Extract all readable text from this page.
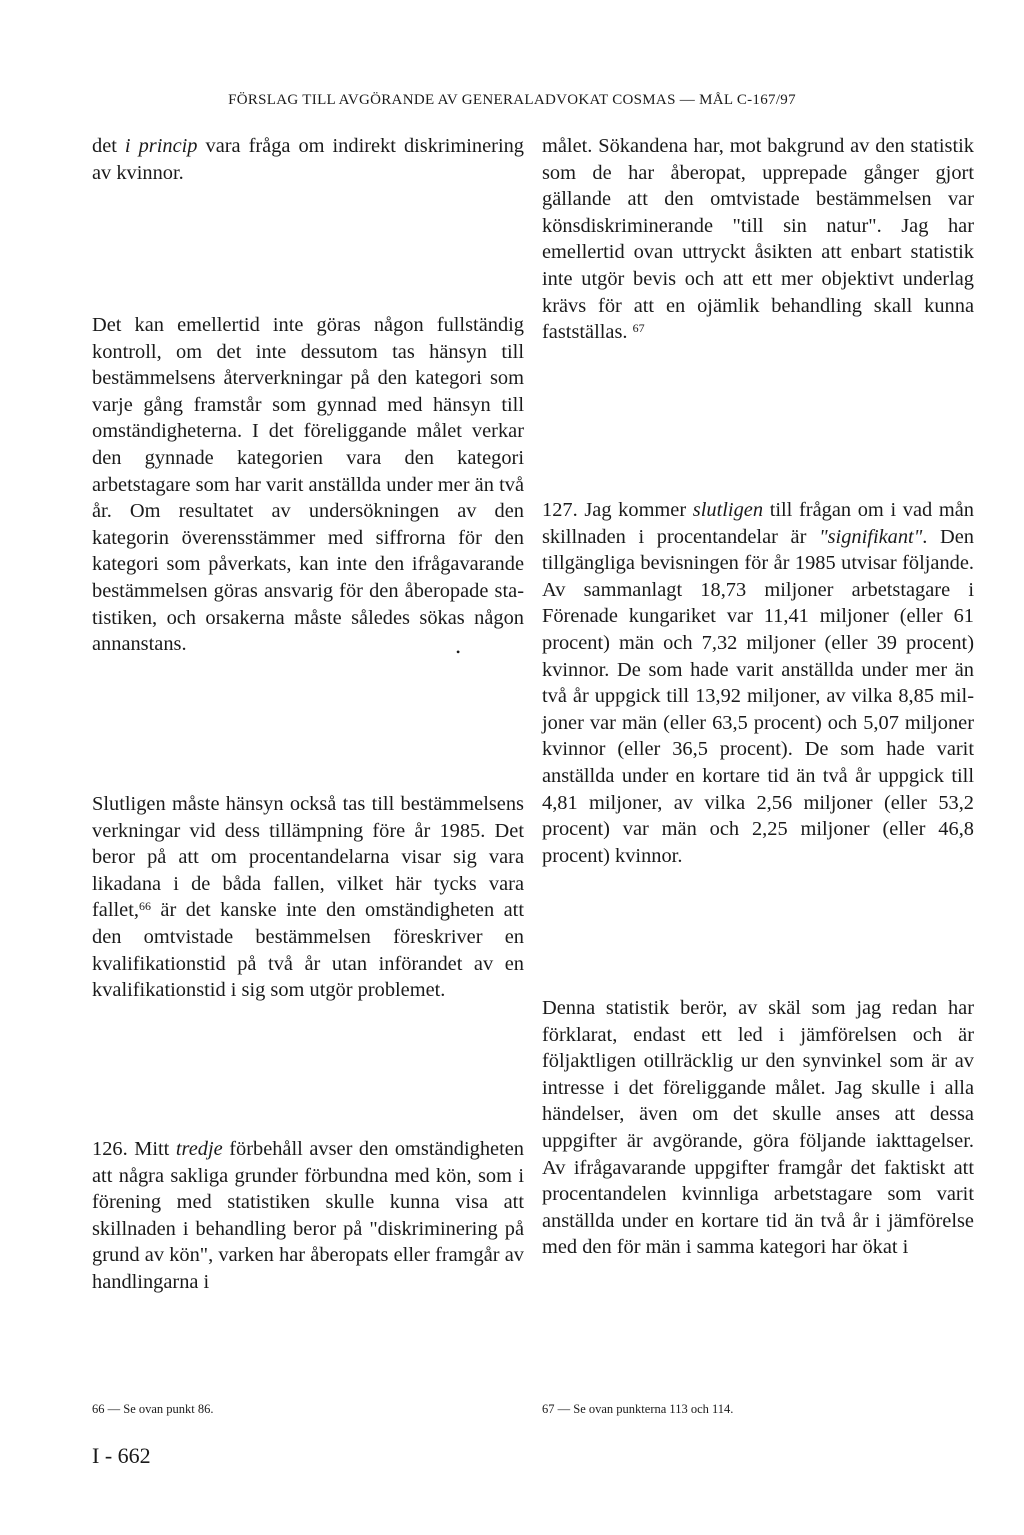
FÖRSLAG TILL AVGÖRANDE AV GENERALADVOKAT COSMAS — MÅL C-167/97

det i princip vara fråga om indirekt diskriminering av kvinnor.

Det kan emellertid inte göras någon fullständig kontroll, om det inte dessutom tas hänsyn till bestämmelsens återverkningar på den kategori som varje gång framstår som gynnad med hänsyn till omständigheterna. I det föreliggande målet verkar den gynnade kategorien vara den kategori arbetstagare som har varit anställda under mer än två år. Om resultatet av undersökningen av den kategorin överensstämmer med siffrorna för den kategori som påverkats, kan inte den ifrågavarande bestämmelsen göras ansvarig för den åberopade statistiken, och orsakerna måste således sökas någon annanstans.

Slutligen måste hänsyn också tas till bestämmelsens verkningar vid dess tillämpning före år 1985. Det beror på att om procentandelarna visar sig vara likadana i de båda fallen, vilket här tycks vara fallet,$^{66}$ är det kanske inte den omständigheten att den omtvistade bestämmelsen föreskriver en kvalifikationstid på två år utan införandet av en kvalifikationstid i sig som utgör problemet.

126. Mitt tredje förbehåll avser den omständigheten att några sakliga grunder förbundna med kön, som i förening med statistiken skulle kunna visa att skillnaden i behandling beror på "diskriminering på grund av kön", varken har åberopats eller framgår av handlingarna i

målet. Sökandena har, mot bakgrund av den statistik som de har åberopat, upprepade gånger gjort gällande att den omtvistade bestämmelsen var könsdiskriminerande "till sin natur". Jag har emellertid ovan uttryckt åsikten att enbart statistik inte utgör bevis och att ett mer objektivt underlag krävs för att en ojämlik behandling skall kunna fastställas. $^{67}$

127. Jag kommer slutligen till frågan om i vad mån skillnaden i procentandelar är "signifikant". Den tillgängliga bevisningen för år 1985 utvisar följande. Av sammanlagt 18,73 miljoner arbetstagare i Förenade kungariket var 11,41 miljoner (eller 61 procent) män och 7,32 miljoner (eller 39 procent) kvinnor. De som hade varit anställda under mer än två år uppgick till 13,92 miljoner, av vilka 8,85 miljoner var män (eller 63,5 procent) och 5,07 miljoner kvinnor (eller 36,5 procent). De som hade varit anställda under en kortare tid än två år uppgick till 4,81 miljoner, av vilka 2,56 miljoner (eller 53,2 procent) var män och 2,25 miljoner (eller 46,8 procent) kvinnor.

Denna statistik berör, av skäl som jag redan har förklarat, endast ett led i jämförelsen och är följaktligen otillräcklig ur den synvinkel som är av intresse i det föreliggande målet. Jag skulle i alla händelser, även om det skulle anses att dessa uppgifter är avgörande, göra följande iakttagelser. Av ifrågavarande uppgifter framgår det faktiskt att procentandelen kvinnliga arbetstagare som varit anställda under en kortare tid än två år i jämförelse med den för män i samma kategori har ökat i

•
66 — Se ovan punkt 86.	67 — Se ovan punkterna 113 och 114.
I - 662
